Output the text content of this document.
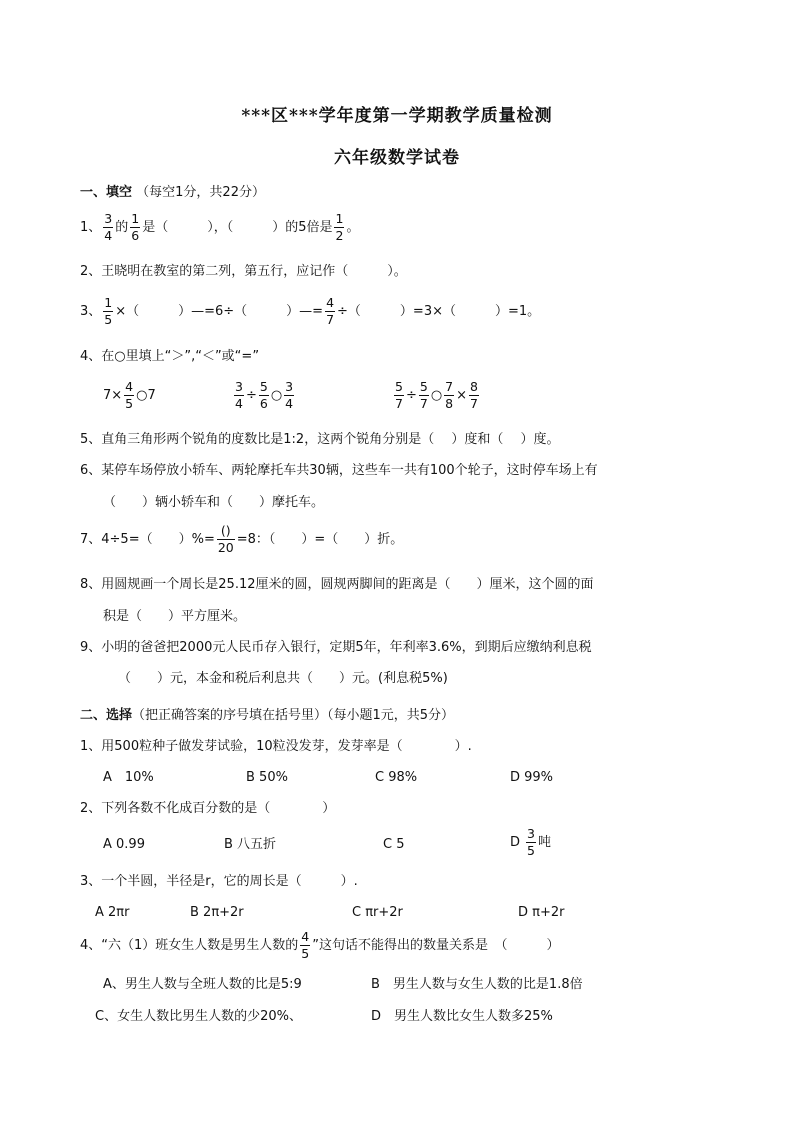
***区***学年度第一学期教学质量检测
六年级数学试卷
一、填空 （每空1分，共22分）
1、 $\frac{3}{4}$ 的 $\frac{1}{6}$ 是（　　　），（　　　）的5倍是 $\frac{1}{2}$ 。
2、王晓明在教室的第二列，第五行，应记作（　　　）。
3、 $\frac{1}{5}$ ×（　　　）—=6÷（　　　）—= $\frac{4}{7}$ ÷（　　　）=3×（　　　）=1。
4、在○里填上“＞”,“＜”或“=”
$7\times \frac{4}{5}$ ○7	$\frac{3}{4} \div \frac{5}{6}$ ○ $\frac{3}{4}$	$\frac{5}{7} \div \frac{5}{7}$ ○ $\frac{7}{8} \times \frac{8}{7}$
5、直角三角形两个锐角的度数比是1:2，这两个锐角分别是（　 ）度和（　 ）度。
6、某停车场停放小轿车、两轮摩托车共30辆，这些车一共有100个轮子，这时停车场上有
（　　）辆小轿车和（　　）摩托车。
7、4÷5=（　　）%= $\frac{()}{20} =8$：（　　）=（　　）折。
8、用圆规画一个周长是25.12厘米的圆，圆规两脚间的距离是（　　）厘米，这个圆的面
积是（　　）平方厘米。
9、小明的爸爸把2000元人民币存入银行，定期5年，年利率3.6%，到期后应缴纳利息税
（　　）元，本金和税后利息共（　　）元。(利息税5%)
二、选择（把正确答案的序号填在括号里）（每小题1元，共5分）
1、用500粒种子做发芽试验，10粒没发芽，发芽率是（　　　　）.
A　10%	B 50%	C 98%	D 99%
2、下列各数不化成百分数的是（　　　　）
A 0.99	B 八五折	C 5	D $\frac{3}{5}$ 吨
3、一个半圆，半径是r，它的周长是（　　　）.
A 2πr	B 2π+2r	C πr+2r	D π+2r
4、“六（1）班女生人数是男生人数的 $\frac{4}{5}$ ”这句话不能得出的数量关系是　（　　　）
A、男生人数与全班人数的比是5:9	B　男生人数与女生人数的比是1.8倍
C、女生人数比男生人数的少20%、	D　男生人数比女生人数多25%
